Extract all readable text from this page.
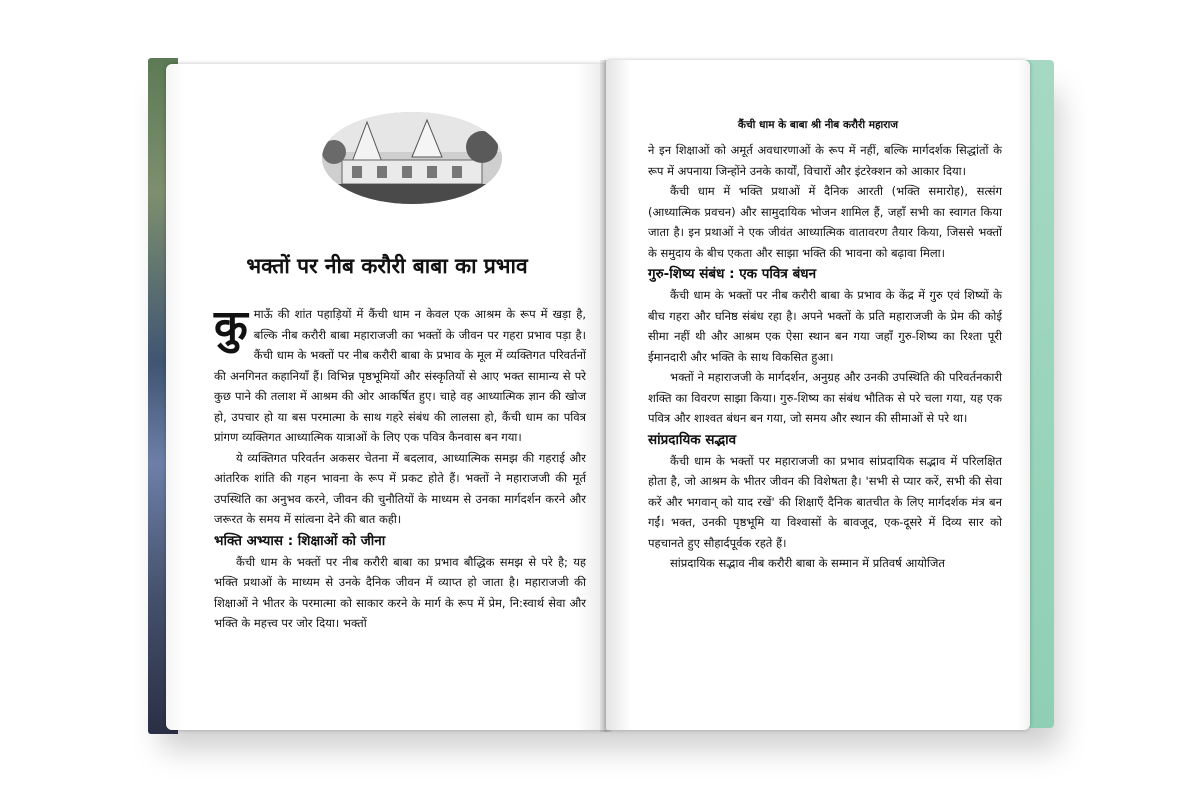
भक्तों पर नीब करौरी बाबा का प्रभाव

कुमाऊँ की शांत पहाड़ियों में कैंची धाम न केवल एक आश्रम के रूप में खड़ा है, बल्कि नीब करौरी बाबा महाराजजी का भक्तों के जीवन पर गहरा प्रभाव पड़ा है। कैंची धाम के भक्तों पर नीब करौरी बाबा के प्रभाव के मूल में व्यक्तिगत परिवर्तनों की अनगिनत कहानियाँ हैं। विभिन्न पृष्ठभूमियों और संस्कृतियों से आए भक्त सामान्य से परे कुछ पाने की तलाश में आश्रम की ओर आकर्षित हुए। चाहे वह आध्यात्मिक ज्ञान की खोज हो, उपचार हो या बस परमात्मा के साथ गहरे संबंध की लालसा हो, कैंची धाम का पवित्र प्रांगण व्यक्तिगत आध्यात्मिक यात्राओं के लिए एक पवित्र कैनवास बन गया।

ये व्यक्तिगत परिवर्तन अकसर चेतना में बदलाव, आध्यात्मिक समझ की गहराई और आंतरिक शांति की गहन भावना के रूप में प्रकट होते हैं। भक्तों ने महाराजजी की मूर्त उपस्थिति का अनुभव करने, जीवन की चुनौतियों के माध्यम से उनका मार्गदर्शन करने और जरूरत के समय में सांत्वना देने की बात कही।

भक्ति अभ्यास : शिक्षाओं को जीना

कैंची धाम के भक्तों पर नीब करौरी बाबा का प्रभाव बौद्धिक समझ से परे है; यह भक्ति प्रथाओं के माध्यम से उनके दैनिक जीवन में व्याप्त हो जाता है। महाराजजी की शिक्षाओं ने भीतर के परमात्मा को साकार करने के मार्ग के रूप में प्रेम, नि:स्वार्थ सेवा और भक्ति के महत्त्व पर जोर दिया। भक्तों

कैंची धाम के बाबा श्री नीब करौरी महाराज

ने इन शिक्षाओं को अमूर्त अवधारणाओं के रूप में नहीं, बल्कि मार्गदर्शक सिद्धांतों के रूप में अपनाया जिन्होंने उनके कार्यों, विचारों और इंटरेक्शन को आकार दिया।

कैंची धाम में भक्ति प्रथाओं में दैनिक आरती (भक्ति समारोह), सत्संग (आध्यात्मिक प्रवचन) और सामुदायिक भोजन शामिल हैं, जहाँ सभी का स्वागत किया जाता है। इन प्रथाओं ने एक जीवंत आध्यात्मिक वातावरण तैयार किया, जिससे भक्तों के समुदाय के बीच एकता और साझा भक्ति की भावना को बढ़ावा मिला।

गुरु-शिष्य संबंध : एक पवित्र बंधन

कैंची धाम के भक्तों पर नीब करौरी बाबा के प्रभाव के केंद्र में गुरु एवं शिष्यों के बीच गहरा और घनिष्ठ संबंध रहा है। अपने भक्तों के प्रति महाराजजी के प्रेम की कोई सीमा नहीं थी और आश्रम एक ऐसा स्थान बन गया जहाँ गुरु-शिष्य का रिश्ता पूरी ईमानदारी और भक्ति के साथ विकसित हुआ।

भक्तों ने महाराजजी के मार्गदर्शन, अनुग्रह और उनकी उपस्थिति की परिवर्तनकारी शक्ति का विवरण साझा किया। गुरु-शिष्य का संबंध भौतिक से परे चला गया, यह एक पवित्र और शाश्वत बंधन बन गया, जो समय और स्थान की सीमाओं से परे था।

सांप्रदायिक सद्भाव

कैंची धाम के भक्तों पर महाराजजी का प्रभाव सांप्रदायिक सद्भाव में परिलक्षित होता है, जो आश्रम के भीतर जीवन की विशेषता है। 'सभी से प्यार करें, सभी की सेवा करें और भगवान् को याद रखें' की शिक्षाएँ दैनिक बातचीत के लिए मार्गदर्शक मंत्र बन गईं। भक्त, उनकी पृष्ठभूमि या विश्वासों के बावजूद, एक-दूसरे में दिव्य सार को पहचानते हुए सौहार्दपूर्वक रहते हैं।

सांप्रदायिक सद्भाव नीब करौरी बाबा के सम्मान में प्रतिवर्ष आयोजित
